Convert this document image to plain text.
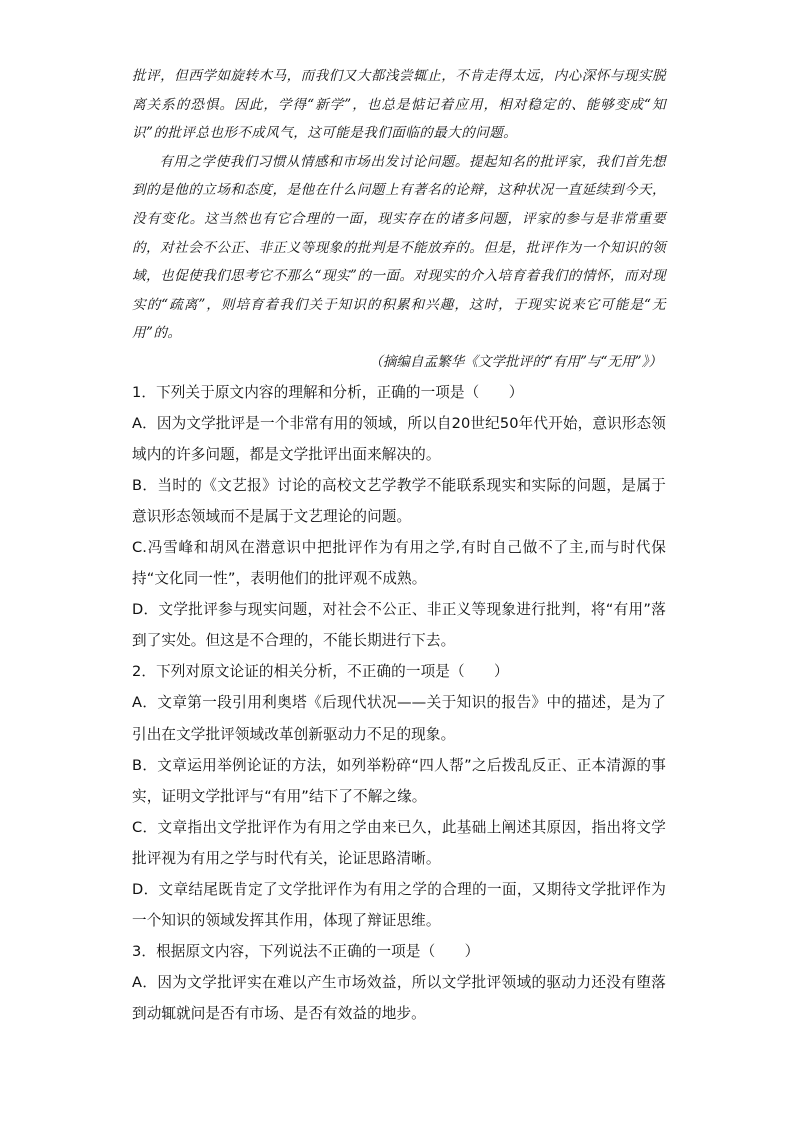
批评，但西学如旋转木马，而我们又大都浅尝辄止，不肯走得太远，内心深怀与现实脱离关系的恐惧。因此，学得“新学”，也总是惦记着应用，相对稳定的、能够变成“知识”的批评总也形不成风气，这可能是我们面临的最大的问题。

有用之学使我们习惯从情感和市场出发讨论问题。提起知名的批评家，我们首先想到的是他的立场和态度，是他在什么问题上有著名的论辩，这种状况一直延续到今天，没有变化。这当然也有它合理的一面，现实存在的诸多问题，评家的参与是非常重要的，对社会不公正、非正义等现象的批判是不能放弃的。但是，批评作为一个知识的领域，也促使我们思考它不那么“现实”的一面。对现实的介入培育着我们的情怀，而对现实的“疏离”，则培育着我们关于知识的积累和兴趣，这时，于现实说来它可能是“无用”的。

（摘编自孟繁华《文学批评的“有用”与“无用”》）

1．下列关于原文内容的理解和分析，正确的一项是（　　）

A．因为文学批评是一个非常有用的领域，所以自20世纪50年代开始，意识形态领域内的许多问题，都是文学批评出面来解决的。

B．当时的《文艺报》讨论的高校文艺学教学不能联系现实和实际的问题，是属于意识形态领域而不是属于文艺理论的问题。

C.冯雪峰和胡风在潜意识中把批评作为有用之学,有时自己做不了主,而与时代保持“文化同一性”，表明他们的批评观不成熟。

D．文学批评参与现实问题，对社会不公正、非正义等现象进行批判，将“有用”落到了实处。但这是不合理的，不能长期进行下去。

2．下列对原文论证的相关分析，不正确的一项是（　　）

A．文章第一段引用利奥塔《后现代状况——关于知识的报告》中的描述，是为了引出在文学批评领域改革创新驱动力不足的现象。

B．文章运用举例论证的方法，如列举粉碎“四人帮”之后拨乱反正、正本清源的事实，证明文学批评与“有用”结下了不解之缘。

C．文章指出文学批评作为有用之学由来已久，此基础上阐述其原因，指出将文学批评视为有用之学与时代有关，论证思路清晰。

D．文章结尾既肯定了文学批评作为有用之学的合理的一面，又期待文学批评作为一个知识的领域发挥其作用，体现了辩证思维。

3．根据原文内容，下列说法不正确的一项是（　　）

A．因为文学批评实在难以产生市场效益，所以文学批评领域的驱动力还没有堕落到动辄就问是否有市场、是否有效益的地步。
